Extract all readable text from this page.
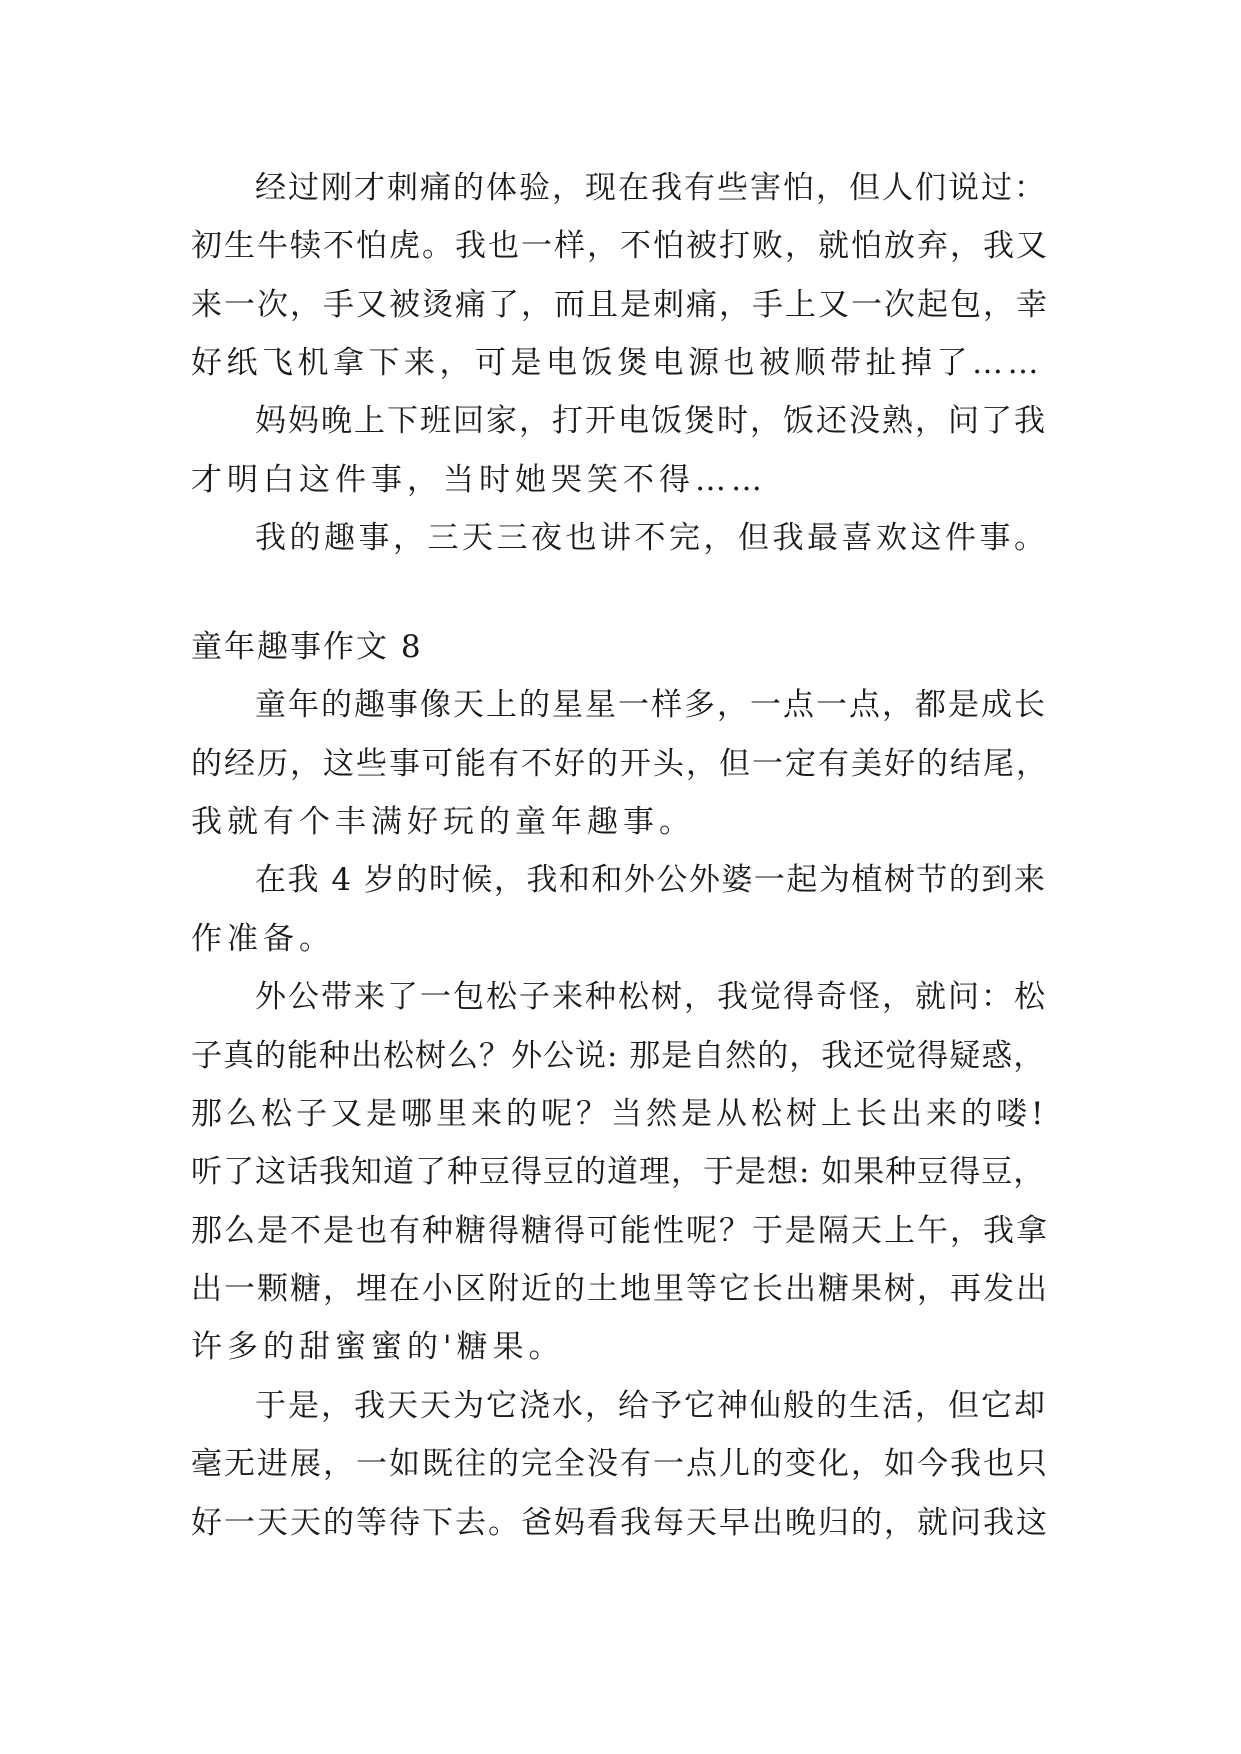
经过刚才刺痛的体验，现在我有些害怕，但人们说过：
初生牛犊不怕虎。我也一样，不怕被打败，就怕放弃，我又
来一次，手又被烫痛了，而且是刺痛，手上又一次起包，幸
好纸飞机拿下来，可是电饭煲电源也被顺带扯掉了……
妈妈晚上下班回家，打开电饭煲时，饭还没熟，问了我
才明白这件事，当时她哭笑不得……
我的趣事，三天三夜也讲不完，但我最喜欢这件事。
童年趣事作文 8
童年的趣事像天上的星星一样多，一点一点，都是成长
的经历，这些事可能有不好的开头，但一定有美好的结尾，
我就有个丰满好玩的童年趣事。
在我 4 岁的时候，我和和外公外婆一起为植树节的到来
作准备。
外公带来了一包松子来种松树，我觉得奇怪，就问：松
子真的能种出松树么？外公说: 那是自然的，我还觉得疑惑，
那么松子又是哪里来的呢？当然是从松树上长出来的喽!
听了这话我知道了种豆得豆的道理，于是想: 如果种豆得豆，
那么是不是也有种糖得糖得可能性呢？于是隔天上午，我拿
出一颗糖，埋在小区附近的土地里等它长出糖果树，再发出
许多的甜蜜蜜的'糖果。
于是，我天天为它浇水，给予它神仙般的生活，但它却
毫无进展，一如既往的完全没有一点儿的变化，如今我也只
好一天天的等待下去。爸妈看我每天早出晚归的，就问我这
